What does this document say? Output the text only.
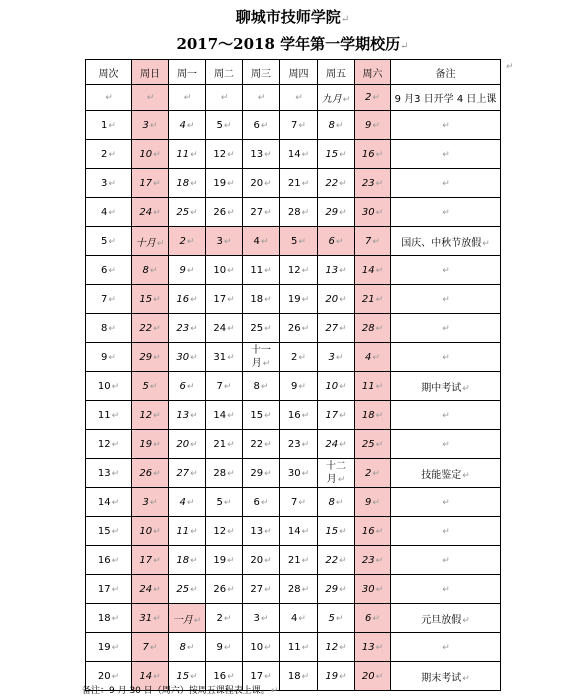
聊城市技师学院↵
2017～2018 学年第一学期校历↵
周次	周日	周一	周二	周三	周四	周五	周六	备注
↵	↵	↵	↵	↵	↵	九月↵	2↵	9 月3 日开学 4 日上课
1↵	3↵	4↵	5↵	6↵	7↵	8↵	9↵	↵
2↵	10↵	11↵	12↵	13↵	14↵	15↵	16↵	↵
3↵	17↵	18↵	19↵	20↵	21↵	22↵	23↵	↵
4↵	24↵	25↵	26↵	27↵	28↵	29↵	30↵	↵
5↵	十月↵	2↵	3↵	4↵	5↵	6↵	7↵	国庆、中秋节放假↵
6↵	8↵	9↵	10↵	11↵	12↵	13↵	14↵	↵
7↵	15↵	16↵	17↵	18↵	19↵	20↵	21↵	↵
8↵	22↵	23↵	24↵	25↵	26↵	27↵	28↵	↵
9↵	29↵	30↵	31↵	十一
月↵	2↵	3↵	4↵	↵
10↵	5↵	6↵	7↵	8↵	9↵	10↵	11↵	期中考试↵
11↵	12↵	13↵	14↵	15↵	16↵	17↵	18↵	↵
12↵	19↵	20↵	21↵	22↵	23↵	24↵	25↵	↵
13↵	26↵	27↵	28↵	29↵	30↵	十二
月↵	2↵	技能鉴定↵
14↵	3↵	4↵	5↵	6↵	7↵	8↵	9↵	↵
15↵	10↵	11↵	12↵	13↵	14↵	15↵	16↵	↵
16↵	17↵	18↵	19↵	20↵	21↵	22↵	23↵	↵
17↵	24↵	25↵	26↵	27↵	28↵	29↵	30↵	↵
18↵	31↵	一月↵	2↵	3↵	4↵	5↵	6↵	元旦放假↵
19↵	7↵	8↵	9↵	10↵	11↵	12↵	13↵	↵
20↵	14↵	15↵	16↵	17↵	18↵	19↵	20↵	期末考试↵
↵
备注：9 月 30 日（周六）按周五课程表上课。↵
